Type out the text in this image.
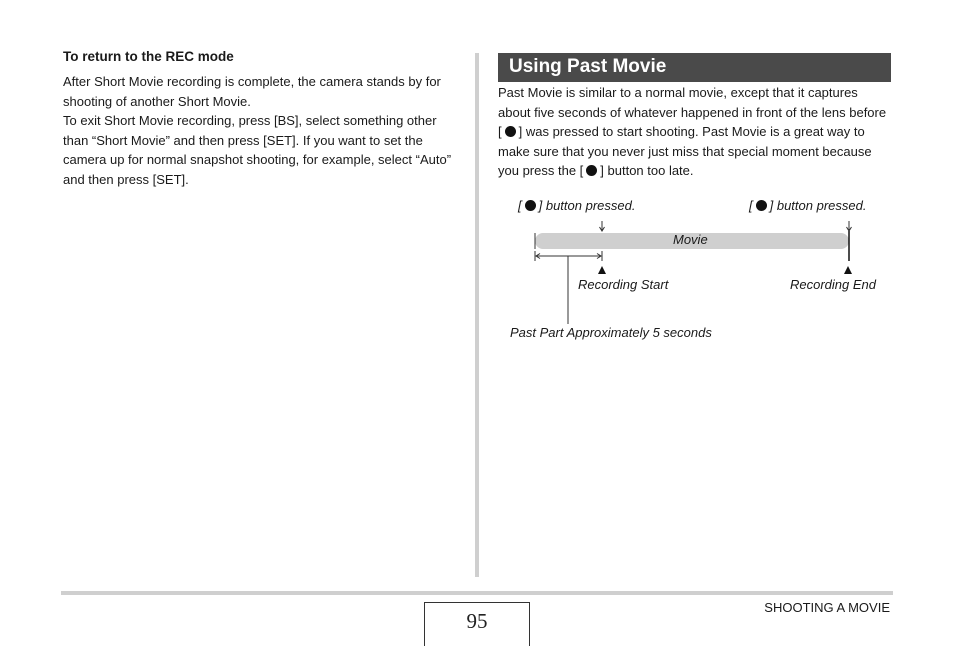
To return to the REC mode

After Short Movie recording is complete, the camera stands by for shooting of another Short Movie.

To exit Short Movie recording, press [BS], select something other than “Short Movie” and then press [SET]. If you want to set the camera up for normal snapshot shooting, for example, select “Auto” and then press [SET].

Using Past Movie
Past Movie is similar to a normal movie, except that it captures about five seconds of whatever happened in front of the lens before [ ] was pressed to start shooting. Past Movie is a great way to make sure that you never just miss that special moment because you press the [ ] button too late.
[ ] button pressed.	[ ] button pressed.
Movie
Recording Start	Recording End
Past Part Approximately 5 seconds
95
SHOOTING A MOVIE
